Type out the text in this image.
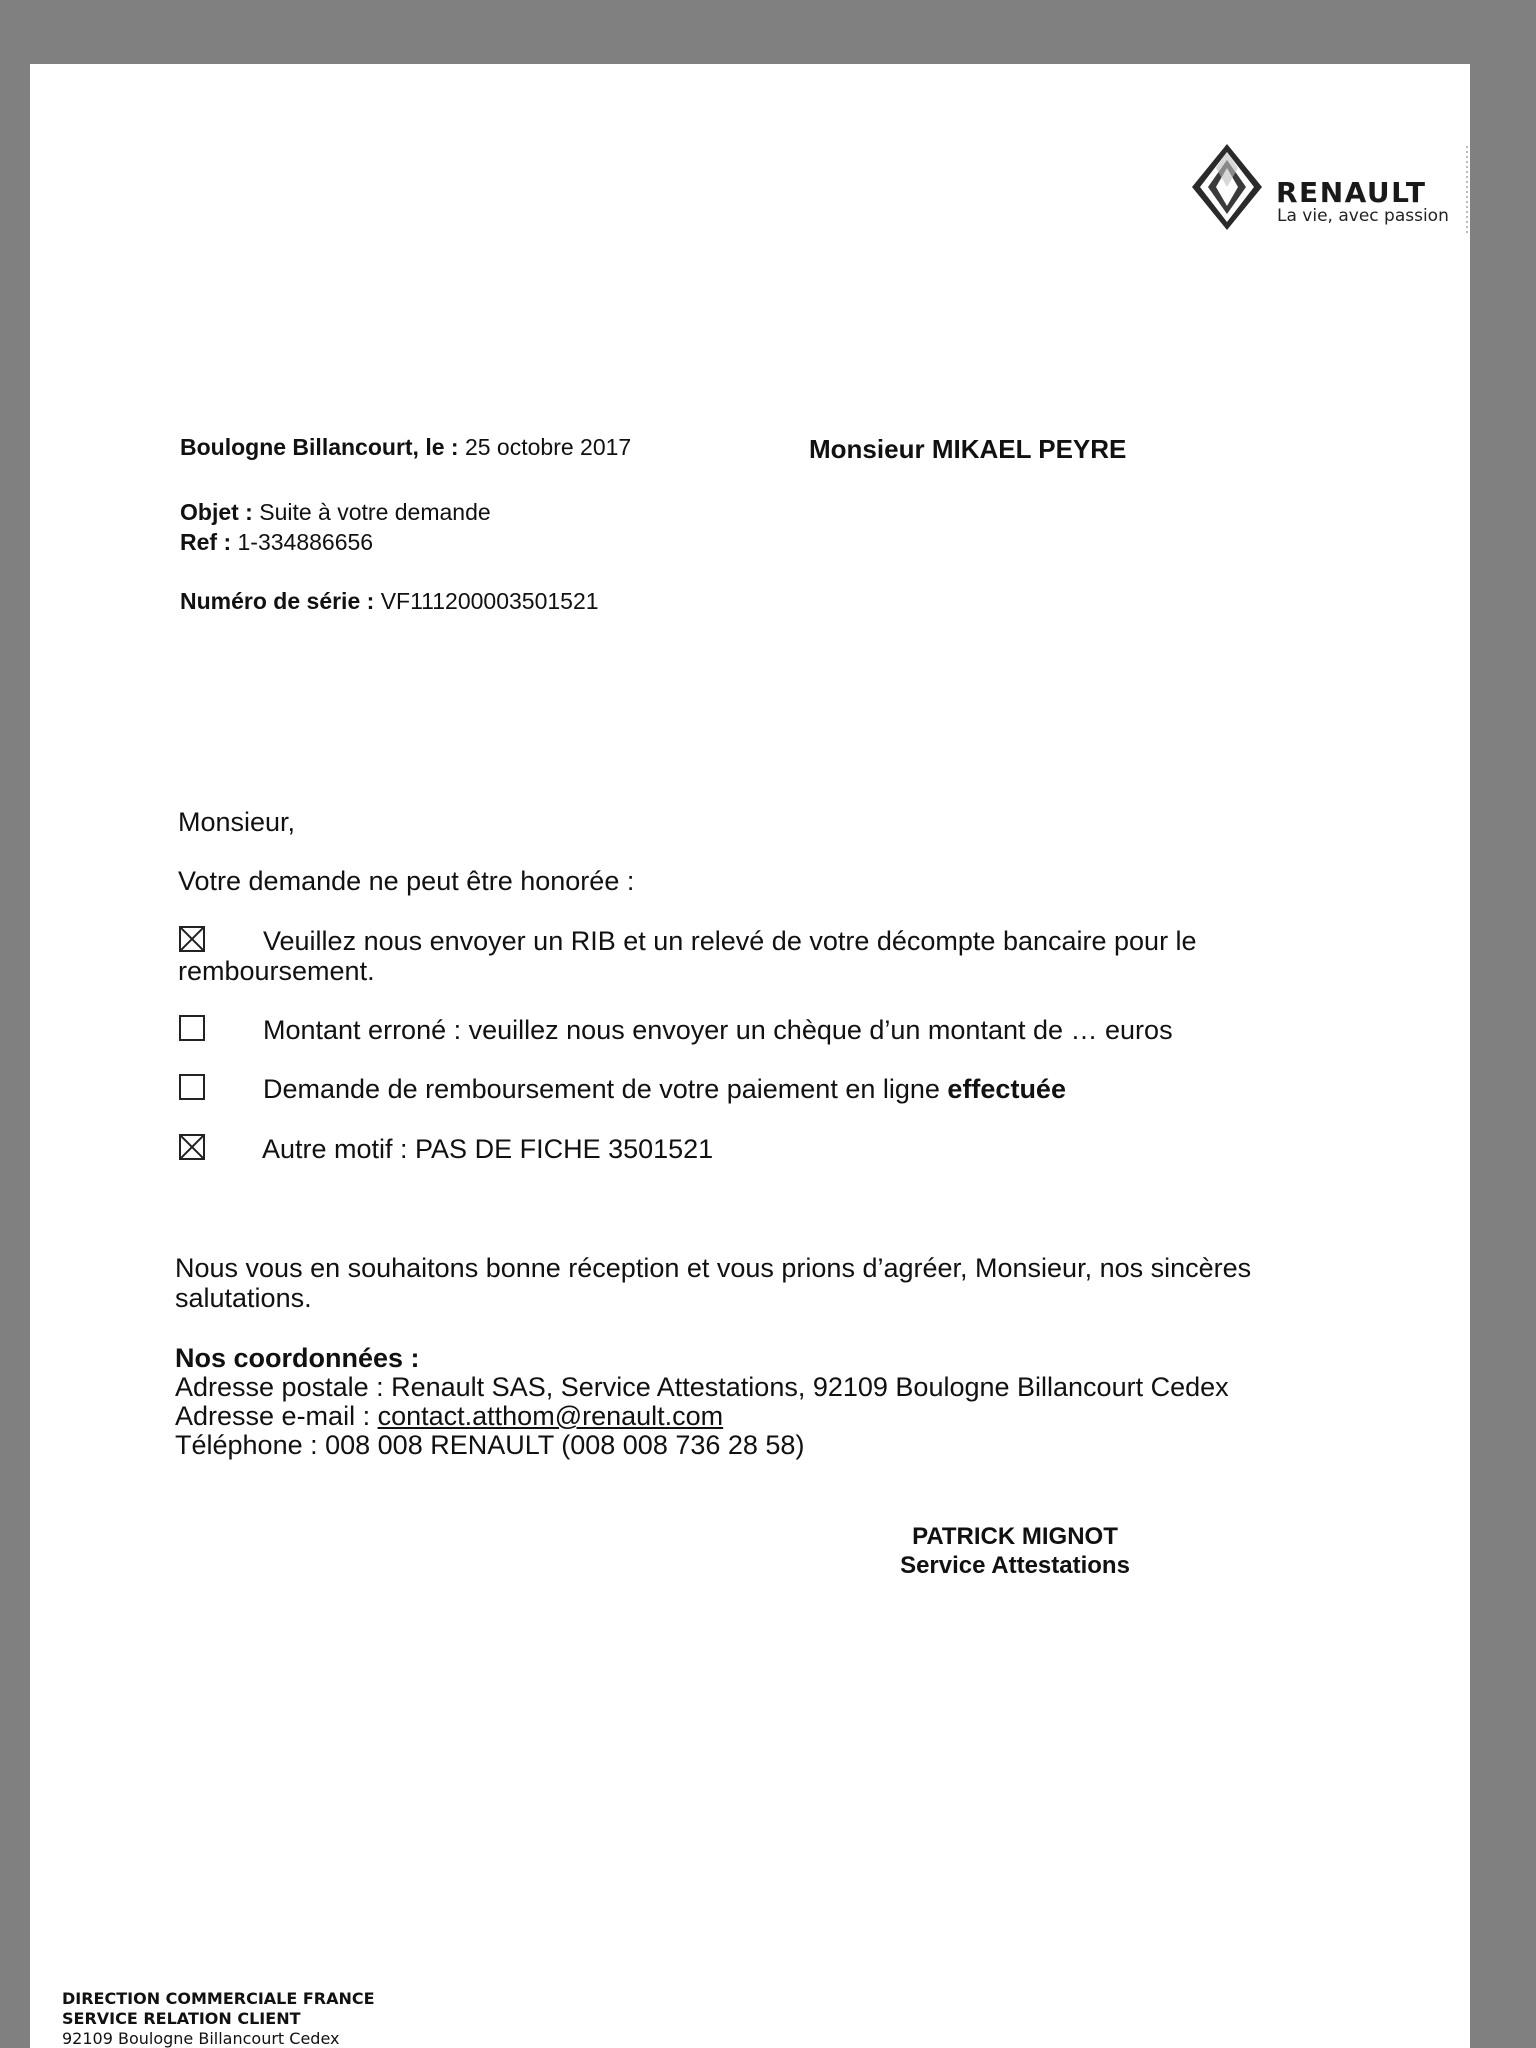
RENAULT
La vie, avec passion
Boulogne Billancourt, le : 25 octobre 2017	Monsieur MIKAEL PEYRE
Objet : Suite à votre demande
Ref : 1-334886656
Numéro de série : VF111200003501521
Monsieur,
Votre demande ne peut être honorée :
Veuillez nous envoyer un RIB et un relevé de votre décompte bancaire pour le
remboursement.
Montant erroné : veuillez nous envoyer un chèque d’un montant de … euros
Demande de remboursement de votre paiement en ligne effectuée
Autre motif : PAS DE FICHE 3501521
Nous vous en souhaitons bonne réception et vous prions d’agréer, Monsieur, nos sincères
salutations.
Nos coordonnées :
Adresse postale : Renault SAS, Service Attestations, 92109 Boulogne Billancourt Cedex
Adresse e-mail : contact.atthom@renault.com
Téléphone : 008 008 RENAULT (008 008 736 28 58)
PATRICK MIGNOT
Service Attestations
DIRECTION COMMERCIALE FRANCE
SERVICE RELATION CLIENT
92109 Boulogne Billancourt Cedex
